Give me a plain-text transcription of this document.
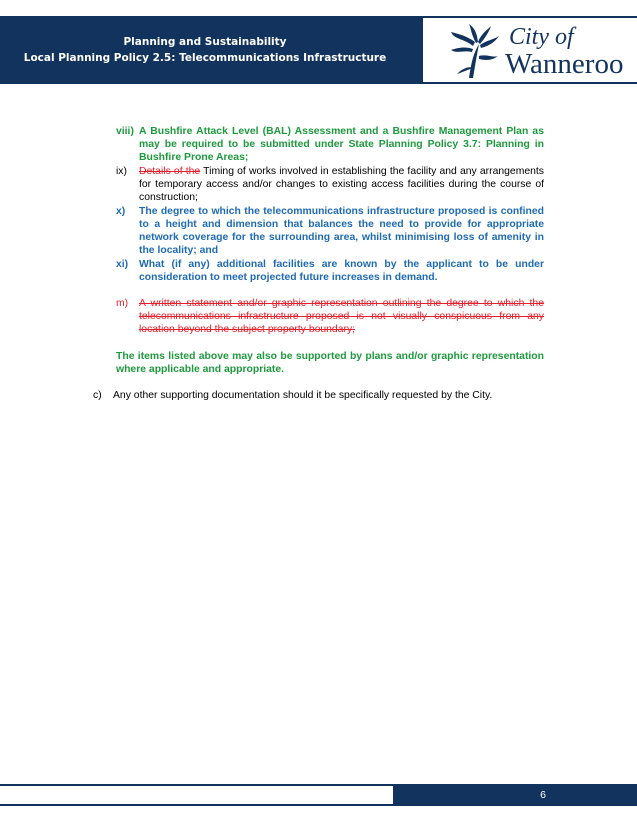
Planning and Sustainability
Local Planning Policy 2.5: Telecommunications Infrastructure
City of
Wanneroo
viii) A Bushfire Attack Level (BAL) Assessment and a Bushfire Management Plan as may be required to be submitted under State Planning Policy 3.7: Planning in Bushfire Prone Areas;
ix) Details of the Timing of works involved in establishing the facility and any arrangements for temporary access and/or changes to existing access facilities during the course of construction;
x) The degree to which the telecommunications infrastructure proposed is confined to a height and dimension that balances the need to provide for appropriate network coverage for the surrounding area, whilst minimising loss of amenity in the locality; and
xi) What (if any) additional facilities are known by the applicant to be under consideration to meet projected future increases in demand.
m) A written statement and/or graphic representation outlining the degree to which the telecommunications infrastructure proposed is not visually conspicuous from any location beyond the subject property boundary;
The items listed above may also be supported by plans and/or graphic representation where applicable and appropriate.
c) Any other supporting documentation should it be specifically requested by the City.
6
